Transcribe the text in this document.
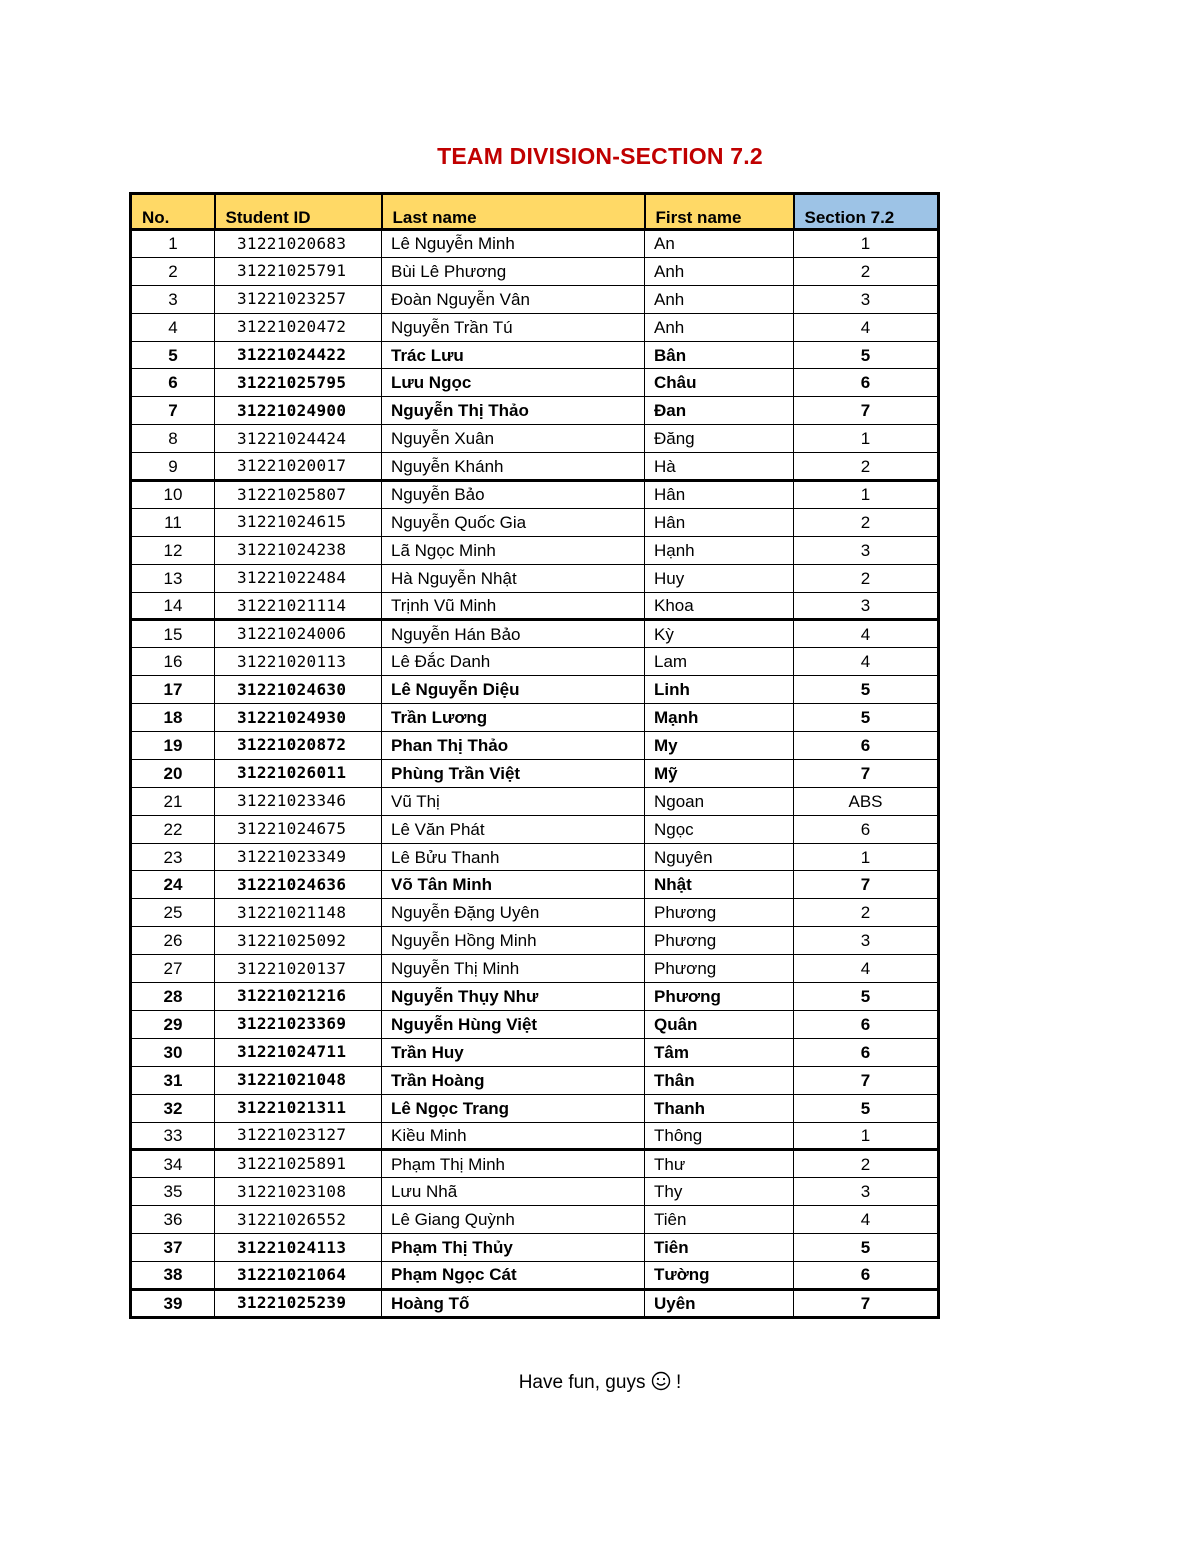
TEAM DIVISION-SECTION 7.2
No.	Student ID	Last name	First name	Section 7.2
1	31221020683	Lê Nguyễn Minh	An	1
2	31221025791	Bùi Lê Phương	Anh	2
3	31221023257	Đoàn Nguyễn Vân	Anh	3
4	31221020472	Nguyễn Trần Tú	Anh	4
5	31221024422	Trác Lưu	Bân	5
6	31221025795	Lưu Ngọc	Châu	6
7	31221024900	Nguyễn Thị Thảo	Đan	7
8	31221024424	Nguyễn Xuân	Đăng	1
9	31221020017	Nguyễn Khánh	Hà	2
10	31221025807	Nguyễn Bảo	Hân	1
11	31221024615	Nguyễn Quốc Gia	Hân	2
12	31221024238	Lã Ngọc Minh	Hạnh	3
13	31221022484	Hà Nguyễn Nhật	Huy	2
14	31221021114	Trịnh Vũ Minh	Khoa	3
15	31221024006	Nguyễn Hán Bảo	Kỳ	4
16	31221020113	Lê Đắc Danh	Lam	4
17	31221024630	Lê Nguyễn Diệu	Linh	5
18	31221024930	Trần Lương	Mạnh	5
19	31221020872	Phan Thị Thảo	My	6
20	31221026011	Phùng Trần Việt	Mỹ	7
21	31221023346	Vũ Thị	Ngoan	ABS
22	31221024675	Lê Văn Phát	Ngọc	6
23	31221023349	Lê Bửu Thanh	Nguyên	1
24	31221024636	Võ Tân Minh	Nhật	7
25	31221021148	Nguyễn Đặng Uyên	Phương	2
26	31221025092	Nguyễn Hồng Minh	Phương	3
27	31221020137	Nguyễn Thị Minh	Phương	4
28	31221021216	Nguyễn Thụy Như	Phương	5
29	31221023369	Nguyễn Hùng Việt	Quân	6
30	31221024711	Trần Huy	Tâm	6
31	31221021048	Trần Hoàng	Thân	7
32	31221021311	Lê Ngọc Trang	Thanh	5
33	31221023127	Kiều Minh	Thông	1
34	31221025891	Phạm Thị Minh	Thư	2
35	31221023108	Lưu Nhã	Thy	3
36	31221026552	Lê Giang Quỳnh	Tiên	4
37	31221024113	Phạm Thị Thủy	Tiên	5
38	31221021064	Phạm Ngọc Cát	Tường	6
39	31221025239	Hoàng Tố	Uyên	7
Have fun, guys  !
